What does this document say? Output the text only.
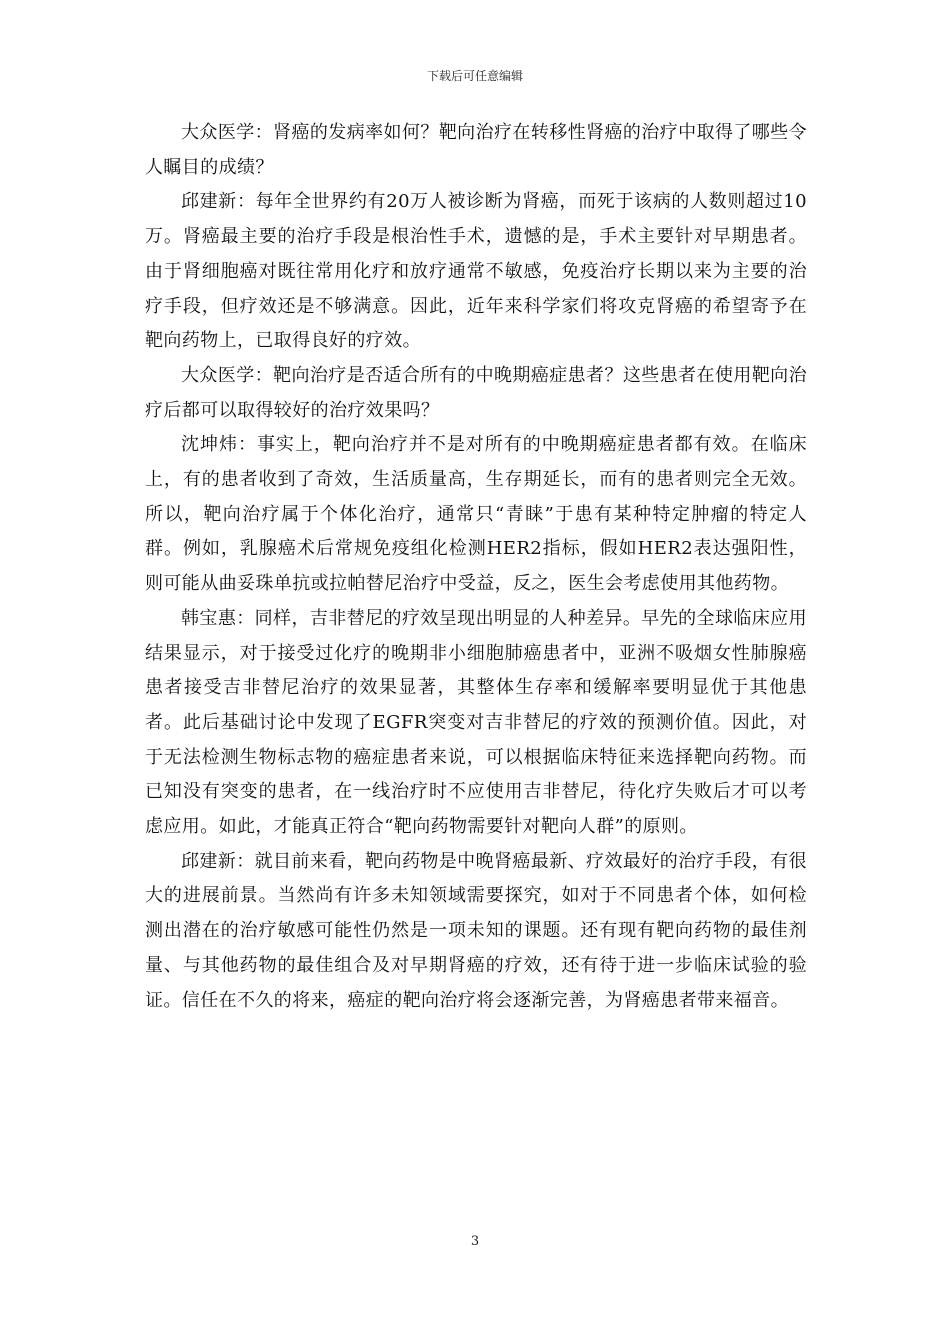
下载后可任意编辑

大众医学：肾癌的发病率如何？靶向治疗在转移性肾癌的治疗中取得了哪些令人瞩目的成绩？

邱建新：每年全世界约有20万人被诊断为肾癌，而死于该病的人数则超过10万。肾癌最主要的治疗手段是根治性手术，遗憾的是，手术主要针对早期患者。由于肾细胞癌对既往常用化疗和放疗通常不敏感，免疫治疗长期以来为主要的治疗手段，但疗效还是不够满意。因此，近年来科学家们将攻克肾癌的希望寄予在靶向药物上，已取得良好的疗效。

大众医学：靶向治疗是否适合所有的中晚期癌症患者？这些患者在使用靶向治疗后都可以取得较好的治疗效果吗？

沈坤炜：事实上，靶向治疗并不是对所有的中晚期癌症患者都有效。在临床上，有的患者收到了奇效，生活质量高，生存期延长，而有的患者则完全无效。所以，靶向治疗属于个体化治疗，通常只“青睐”于患有某种特定肿瘤的特定人群。例如，乳腺癌术后常规免疫组化检测HER2指标，假如HER2表达强阳性，则可能从曲妥珠单抗或拉帕替尼治疗中受益，反之，医生会考虑使用其他药物。

韩宝惠：同样，吉非替尼的疗效呈现出明显的人种差异。早先的全球临床应用结果显示，对于接受过化疗的晚期非小细胞肺癌患者中，亚洲不吸烟女性肺腺癌患者接受吉非替尼治疗的效果显著，其整体生存率和缓解率要明显优于其他患者。此后基础讨论中发现了EGFR突变对吉非替尼的疗效的预测价值。因此，对于无法检测生物标志物的癌症患者来说，可以根据临床特征来选择靶向药物。而已知没有突变的患者，在一线治疗时不应使用吉非替尼，待化疗失败后才可以考虑应用。如此，才能真正符合“靶向药物需要针对靶向人群”的原则。

邱建新：就目前来看，靶向药物是中晚肾癌最新、疗效最好的治疗手段，有很大的进展前景。当然尚有许多未知领域需要探究，如对于不同患者个体，如何检测出潜在的治疗敏感可能性仍然是一项未知的课题。还有现有靶向药物的最佳剂量、与其他药物的最佳组合及对早期肾癌的疗效，还有待于进一步临床试验的验证。信任在不久的将来，癌症的靶向治疗将会逐渐完善，为肾癌患者带来福音。

3
